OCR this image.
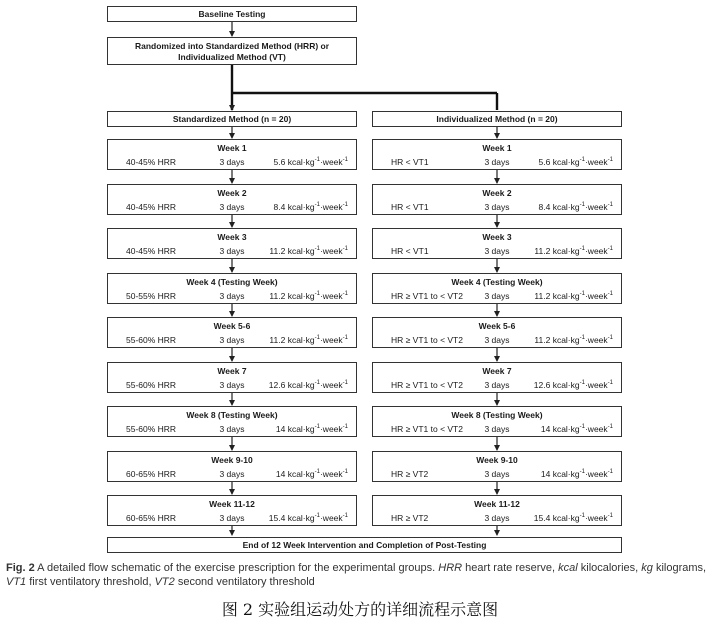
Baseline Testing
Randomized into Standardized Method (HRR) or Individualized Method (VT)
Standardized Method (n = 20)	Individualized Method (n = 20)
Week 1
40-45% HRR	3 days	5.6 $kcal\cdot kg^{-1}\cdot week^{-1}$
Week 2
40-45% HRR	3 days	8.4 $kcal\cdot kg^{-1}\cdot week^{-1}$
Week 3
40-45% HRR	3 days	11.2 $kcal\cdot kg^{-1}\cdot week^{-1}$
Week 4 (Testing Week)
50-55% HRR	3 days	11.2 $kcal\cdot kg^{-1}\cdot week^{-1}$
Week 5-6
55-60% HRR	3 days	11.2 $kcal\cdot kg^{-1}\cdot week^{-1}$
Week 7
55-60% HRR	3 days	12.6 $kcal\cdot kg^{-1}\cdot week^{-1}$
Week 8 (Testing Week)
55-60% HRR	3 days	14 $kcal\cdot kg^{-1}\cdot week^{-1}$
Week 9-10
60-65% HRR	3 days	14 $kcal\cdot kg^{-1}\cdot week^{-1}$
Week 11-12
60-65% HRR	3 days	15.4 $kcal\cdot kg^{-1}\cdot week^{-1}$
Week 1
HR < VT1	3 days	5.6 $kcal\cdot kg^{-1}\cdot week^{-1}$
Week 2
HR < VT1	3 days	8.4 $kcal\cdot kg^{-1}\cdot week^{-1}$
Week 3
HR < VT1	3 days	11.2 $kcal\cdot kg^{-1}\cdot week^{-1}$
Week 4 (Testing Week)
HR ≥ VT1 to < VT2	3 days	11.2 $kcal\cdot kg^{-1}\cdot week^{-1}$
Week 5-6
HR ≥ VT1 to < VT2	3 days	11.2 $kcal\cdot kg^{-1}\cdot week^{-1}$
Week 7
HR ≥ VT1 to < VT2	3 days	12.6 $kcal\cdot kg^{-1}\cdot week^{-1}$
Week 8 (Testing Week)
HR ≥ VT1 to < VT2	3 days	14 $kcal\cdot kg^{-1}\cdot week^{-1}$
Week 9-10
HR ≥ VT2	3 days	14 $kcal\cdot kg^{-1}\cdot week^{-1}$
Week 11-12
HR ≥ VT2	3 days	15.4 $kcal\cdot kg^{-1}\cdot week^{-1}$
End of 12 Week Intervention and Completion of Post-Testing
Fig. 2 A detailed flow schematic of the exercise prescription for the experimental groups. HRR heart rate reserve, kcal kilocalories, kg kilograms, VT1 first ventilatory threshold, VT2 second ventilatory threshold
图 2 实验组运动处方的详细流程示意图
